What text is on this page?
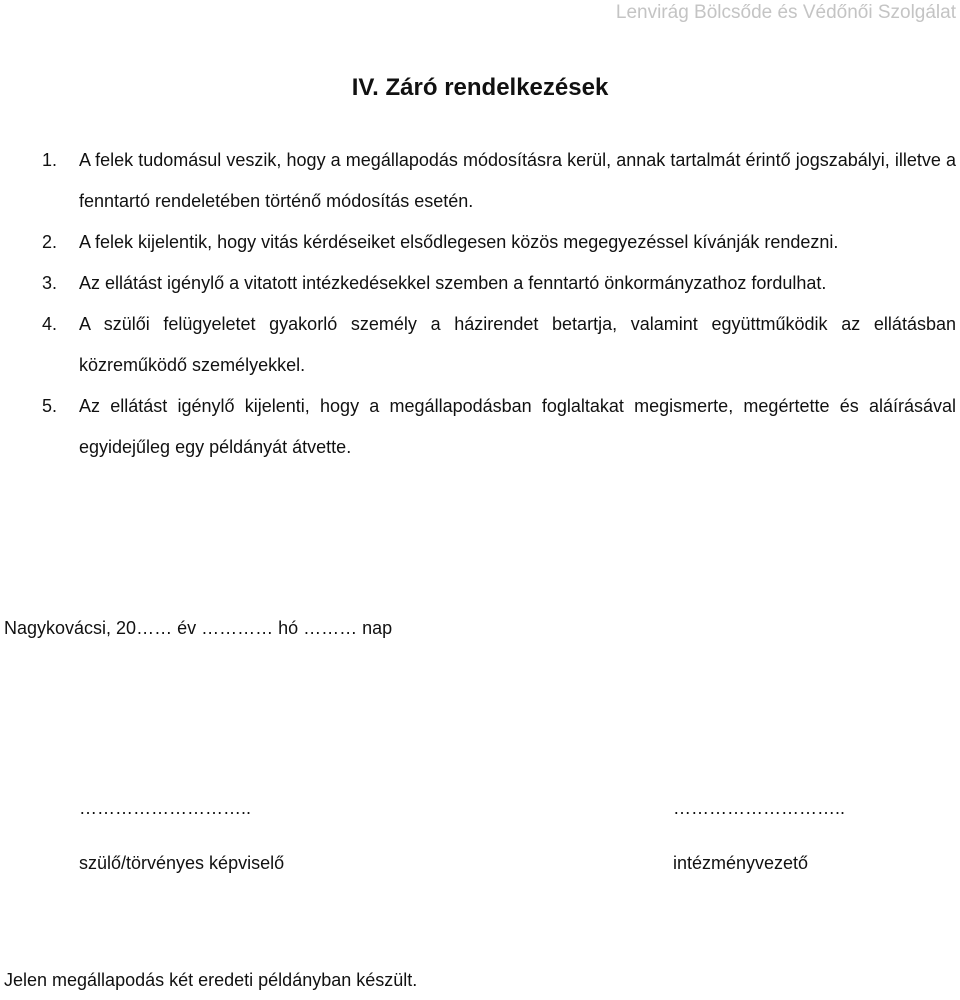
Lenvirág Bölcsőde és Védőnői Szolgálat
IV. Záró rendelkezések
1. A felek tudomásul veszik, hogy a megállapodás módosításra kerül, annak tartalmát érintő jogszabályi, illetve a fenntartó rendeletében történő módosítás esetén.
2. A felek kijelentik, hogy vitás kérdéseiket elsődlegesen közös megegyezéssel kívánják rendezni.
3. Az ellátást igénylő a vitatott intézkedésekkel szemben a fenntartó önkormányzathoz fordulhat.
4. A szülői felügyeletet gyakorló személy a házirendet betartja, valamint együttműködik az ellátásban közreműködő személyekkel.
5. Az ellátást igénylő kijelenti, hogy a megállapodásban foglaltakat megismerte, megértette és aláírásával egyidejűleg egy példányát átvette.
Nagykovácsi, 20…… év ………… hó ……… nap
………………………..	………………………..
szülő/törvényes képviselő	intézményvezető
Jelen megállapodás két eredeti példányban készült.
